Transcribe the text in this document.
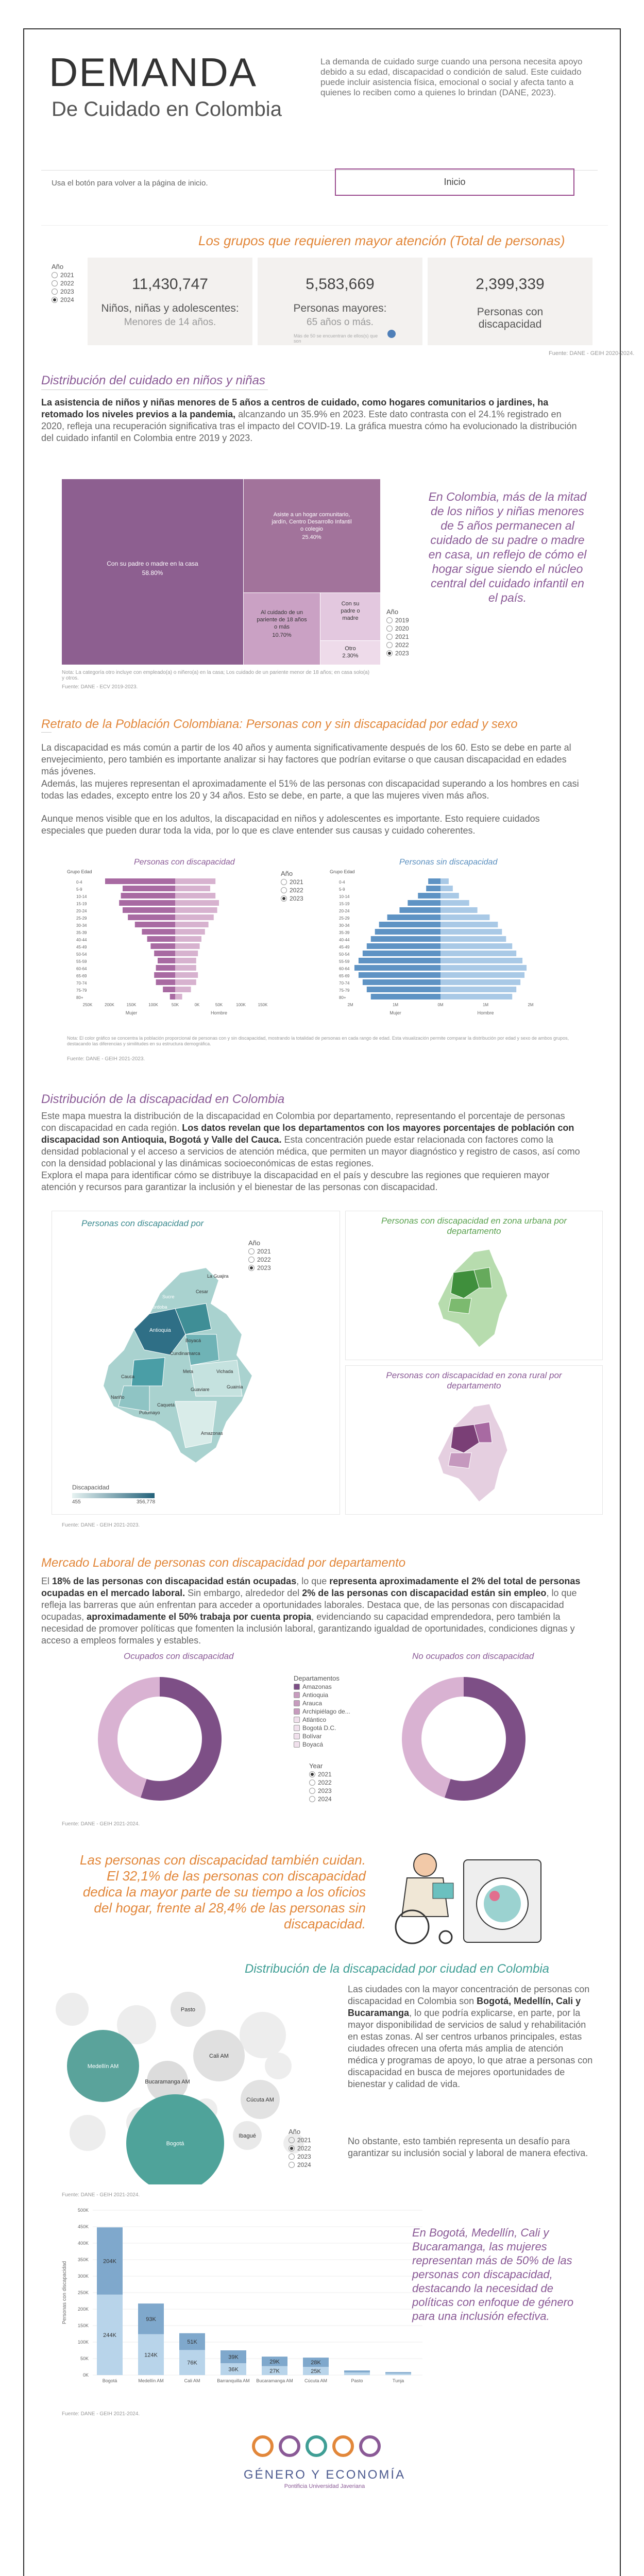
DEMANDA
De Cuidado en Colombia
La demanda de cuidado surge cuando una persona necesita apoyo debido a su edad, discapacidad o condición de salud. Este cuidado puede incluir asistencia física, emocional o social y afecta tanto a quienes lo reciben como a quienes lo brindan (DANE, 2023).
Usa el botón para volver a la página de inicio.	Inicio
Los grupos que requieren mayor atención (Total de personas)
Año
2021
2022
2023
2024
11,430,747
Niños, niñas y adolescentes:
Menores de 14 años.
5,583,669
Personas mayores:
65 años o más.
Más de 50 se encuentran de ellos(s) que son
2,399,339
Personas con discapacidad
Fuente: DANE - GEIH 2020-2024.
Distribución del cuidado en niños y niñas
La asistencia de niños y niñas menores de 5 años a centros de cuidado, como hogares comunitarios o jardines, ha retomado los niveles previos a la pandemia, alcanzando un 35.9% en 2023. Este dato contrasta con el 24.1% registrado en 2020, refleja una recuperación significativa tras el impacto del COVID-19. La gráfica muestra cómo ha evolucionado la distribución del cuidado infantil en Colombia entre 2019 y 2023.
Con su padre o madre en la casa
58.80%
Asiste a un hogar comunitario,
jardín, Centro Desarrollo Infantil
o colegio
25.40%
Al cuidado de un
pariente de 18 años
o más
10.70%
Con su
padre o
madre
Otro
2.30%
Año
2019
2020
2021
2022
2023
En Colombia, más de la mitad de los niños y niñas menores de 5 años permanecen al cuidado de su padre o madre en casa, un reflejo de cómo el hogar sigue siendo el núcleo central del cuidado infantil en el país.
Nota: La categoría otro incluye con empleado(a) o niñero(a) en la casa; Los cuidado de un pariente menor de 18 años; en casa solo(a) y otros.
Fuente: DANE - ECV 2019-2023.
Retrato de la Población Colombiana: Personas con y sin discapacidad por edad y sexo
La discapacidad es más común a partir de los 40 años y aumenta significativamente después de los 60. Esto se debe en parte al envejecimiento, pero también es importante analizar si hay factores que podrían evitarse o que causan discapacidad en edades más jóvenes.
Además, las mujeres representan el aproximadamente el 51% de las personas con discapacidad superando a los hombres en casi todas las edades, excepto entre los 20 y 34 años. Esto se debe, en parte, a que las mujeres viven más años.
Aunque menos visible que en los adultos, la discapacidad en niños y adolescentes es importante. Esto requiere cuidados especiales que pueden durar toda la vida, por lo que es clave entender sus causas y cuidado coherentes.
Personas con discapacidad	Personas sin discapacidad
Año
2021
2022
2023
Grupo Edad
0-4
5-9
10-14
15-19
20-24
25-29
30-34
35-39
40-44
45-49
50-54
55-59
60-64
65-69
70-74
75-79
80+
250K	200K	150K	100K	50K	0K	50K	100K	150K
Mujer	Hombre
Grupo Edad
0-4
5-9
10-14
15-19
20-24
25-29
30-34
35-39
40-44
45-49
50-54
55-59
60-64
65-69
70-74
75-79
80+
2M	1M	0M	1M	2M
Mujer	Hombre
Nota: El color gráfico se concentra la población proporcional de personas con y sin discapacidad, mostrando la totalidad de personas en cada rango de edad. Esta visualización permite comparar la distribución por edad y sexo de ambos grupos, destacando las diferencias y similitudes en su estructura demográfica.
Fuente: DANE - GEIH 2021-2023.
Distribución de la discapacidad en Colombia
Este mapa muestra la distribución de la discapacidad en Colombia por departamento, representando el porcentaje de personas con discapacidad en cada región. Los datos revelan que los departamentos con los mayores porcentajes de población con discapacidad son Antioquia, Bogotá y Valle del Cauca. Esta concentración puede estar relacionada con factores como la densidad poblacional y el acceso a servicios de atención médica, que permiten un mayor diagnóstico y registro de casos, así como con la densidad poblacional y las dinámicas socioeconómicas de estas regiones.
Explora el mapa para identificar cómo se distribuye la discapacidad en el país y descubre las regiones que requieren mayor atención y recursos para garantizar la inclusión y el bienestar de las personas con discapacidad.
Personas con discapacidad por
Año
2021
2022
2023
La Guajira
Cesar
Sucre
Córdoba
Antioquia
Boyacá
Cundinamarca
Meta	Vichada
Guainía
Guaviare
Caquetá
Amazonas
Nariño
Cauca
Putumayo
Discapacidad
455	356,778
Personas con discapacidad en zona urbana por departamento
Personas con discapacidad en zona rural por departamento
Fuente: DANE - GEIH 2021-2023.
Mercado Laboral de personas con discapacidad por departamento
El 18% de las personas con discapacidad están ocupadas, lo que representa aproximadamente el 2% del total de personas ocupadas en el mercado laboral. Sin embargo, alrededor del 2% de las personas con discapacidad están sin empleo, lo que refleja las barreras que aún enfrentan para acceder a oportunidades laborales. Destaca que, de las personas con discapacidad ocupadas, aproximadamente el 50% trabaja por cuenta propia, evidenciando su capacidad emprendedora, pero también la necesidad de promover políticas que fomenten la inclusión laboral, garantizando igualdad de oportunidades, condiciones dignas y acceso a empleos formales y estables.
Ocupados con discapacidad	No ocupados con discapacidad
Departamentos
Amazonas
Antioquia
Arauca
Archipiélago de...
Atlántico
Bogotá D.C.
Bolívar
Boyacá
Year
2021
2022
2023
2024
Fuente: DANE - GEIH 2021-2024.
Las personas con discapacidad también cuidan. El 32,1% de las personas con discapacidad dedica la mayor parte de su tiempo a los oficios del hogar, frente al 28,4% de las personas sin discapacidad.
Distribución de la discapacidad por ciudad en Colombia
Pasto
Cali AM
Medellín AM
Bucaramanga AM
Cúcuta AM
Ibagué
Bogotá
Año
2021
2022
2023
2024
Las ciudades con la mayor concentración de personas con discapacidad en Colombia son Bogotá, Medellín, Cali y Bucaramanga, lo que podría explicarse, en parte, por la mayor disponibilidad de servicios de salud y rehabilitación en estas zonas. Al ser centros urbanos principales, estas ciudades ofrecen una oferta más amplia de atención médica y programas de apoyo, lo que atrae a personas con discapacidad en busca de mejores oportunidades de bienestar y calidad de vida.
No obstante, esto también representa un desafío para garantizar su inclusión social y laboral de manera efectiva.
Fuente: DANE - GEIH 2021-2024.
0K
50K
100K
150K
200K
250K
300K
350K
400K
450K
500K
Personas con discapacidad
244K
204K
Bogotá
124K
93K
Medellín AM
76K
51K
Cali AM
36K
39K
Barranquilla AM
27K
29K
Bucaramanga AM
25K
28K
Cúcuta AM	Pasto	Tunja
En Bogotá, Medellín, Cali y Bucaramanga, las mujeres representan más de 50% de las personas con discapacidad, destacando la necesidad de políticas con enfoque de género para una inclusión efectiva.
Fuente: DANE - GEIH 2021-2024.
GÉNERO Y ECONOMÍA
Pontificia Universidad Javeriana
